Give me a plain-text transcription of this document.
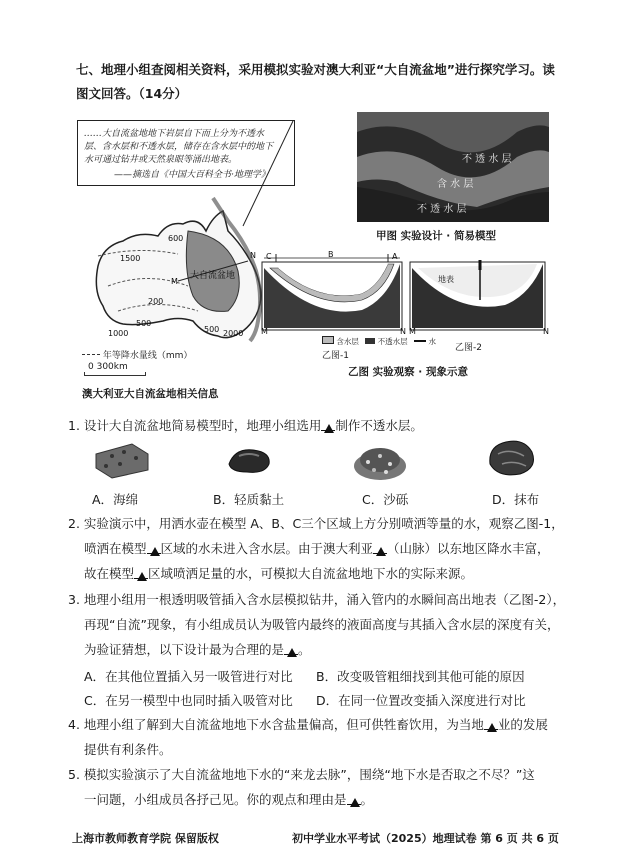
七、地理小组查阅相关资料，采用模拟实验对澳大利亚“大自流盆地”进行探究学习。读
图文回答。（14分）
……大自流盆地地下岩层自下而上分为不透水
层、含水层和不透水层，储存在含水层中的地下
水可通过钻井或天然泉眼等涌出地表。
——摘选自《中国大百科全书·地理学》
大自流盆地
200
500
500
1000
1500
600
2000
M
N
年等降水量线（mm）
0 300km
澳大利亚大自流盆地相关信息
不 透 水 层
含 水 层
不 透 水 层
甲图 实验设计 · 简易模型
C	B	A
M	N
地表
M	N
含水层	不透水层	水
乙图-1
乙图-2
乙图 实验观察 · 现象示意
1. 设计大自流盆地简易模型时，地理小组选用 制作不透水层。
A．海绵	B．轻质黏土	C．沙砾	D．抹布
2. 实验演示中，用洒水壶在模型 A、B、C三个区域上方分别喷洒等量的水，观察乙图-1，
喷洒在模型 区域的水未进入含水层。由于澳大利亚 （山脉）以东地区降水丰富，
故在模型 区域喷洒足量的水，可模拟大自流盆地地下水的实际来源。
3. 地理小组用一根透明吸管插入含水层模拟钻井，涌入管内的水瞬间高出地表（乙图-2），
再现“自流”现象，有小组成员认为吸管内最终的液面高度与其插入含水层的深度有关，
为验证猜想，以下设计最为合理的是 。
A．在其他位置插入另一吸管进行对比 B．改变吸管粗细找到其他可能的原因
C．在另一模型中也同时插入吸管对比 D．在同一位置改变插入深度进行对比
4. 地理小组了解到大自流盆地地下水含盐量偏高，但可供牲畜饮用，为当地 业的发展
提供有利条件。
5. 模拟实验演示了大自流盆地地下水的“来龙去脉”，围绕“地下水是否取之不尽？”这
一问题，小组成员各抒己见。你的观点和理由是 。
上海市教师教育学院 保留版权	初中学业水平考试（2025）地理试卷 第 6 页 共 6 页
